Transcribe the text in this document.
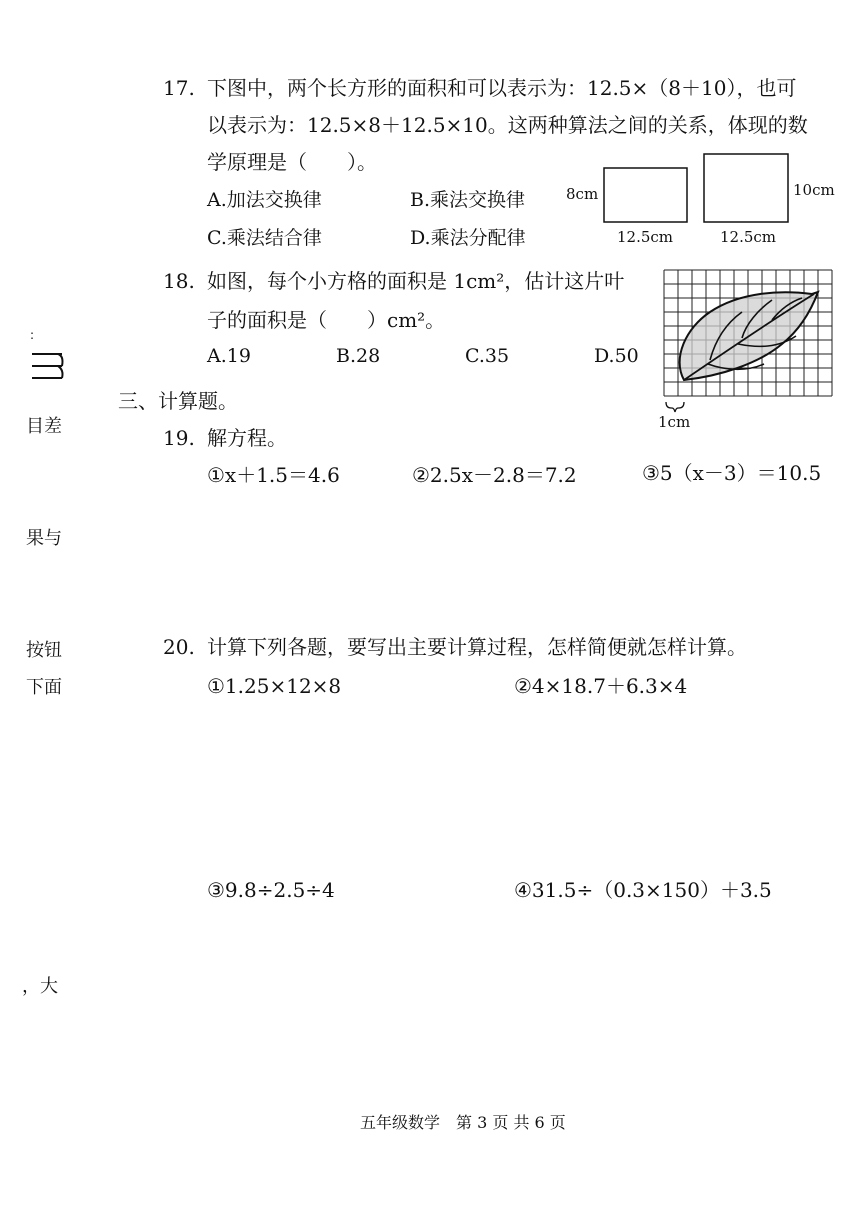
:
目差
果与
按钮
下面
，大
17. 下图中，两个长方形的面积和可以表示为：12.5×（8＋10），也可
以表示为：12.5×8＋12.5×10。这两种算法之间的关系，体现的数
学原理是（　　）。
A.加法交换律	B.乘法交换律
C.乘法结合律	D.乘法分配律
8cm
12.5cm
10cm
12.5cm
18. 如图，每个小方格的面积是 1cm²，估计这片叶
子的面积是（　　）cm²。
A.19	B.28	C.35	D.50
1cm
三、计算题。
19. 解方程。
①x＋1.5＝4.6	②2.5x－2.8＝7.2	③5（x－3）＝10.5
20. 计算下列各题，要写出主要计算过程，怎样简便就怎样计算。
①1.25×12×8	②4×18.7＋6.3×4
③9.8÷2.5÷4	④31.5÷（0.3×150）＋3.5
五年级数学　第 3 页 共 6 页
